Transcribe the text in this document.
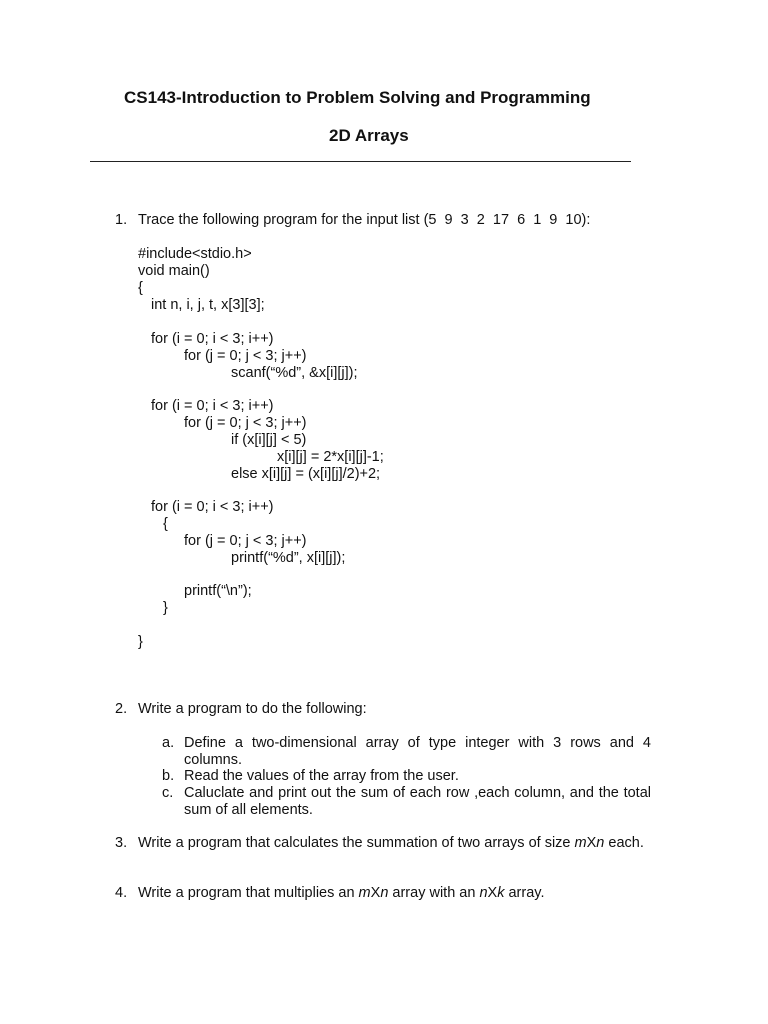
CS143-Introduction to Problem Solving and Programming
2D Arrays
1. Trace the following program for the input list (5  9  3  2  17  6  1  9  10):
#include<stdio.h>
void main()
{
int n, i, j, t, x[3][3];
for (i = 0; i < 3; i++)
for (j = 0; j < 3; j++)
scanf(“%d”, &x[i][j]);
for (i = 0; i < 3; i++)
for (j = 0; j < 3; j++)
if (x[i][j] < 5)
x[i][j] = 2*x[i][j]-1;
else x[i][j] = (x[i][j]/2)+2;
for (i = 0; i < 3; i++)
{
for (j = 0; j < 3; j++)
printf(“%d”, x[i][j]);
printf(“\n”);
}
}
2. Write a program to do the following:
a. Define a two-dimensional array of type integer with 3 rows and 4 columns.
b. Read the values of the array from the user.
c. Caluclate and print out the sum of each row ,each column, and the total sum of all elements.
3. Write a program that calculates the summation of two arrays of size mXn each.
4. Write a program that multiplies an mXn array with an nXk array.
